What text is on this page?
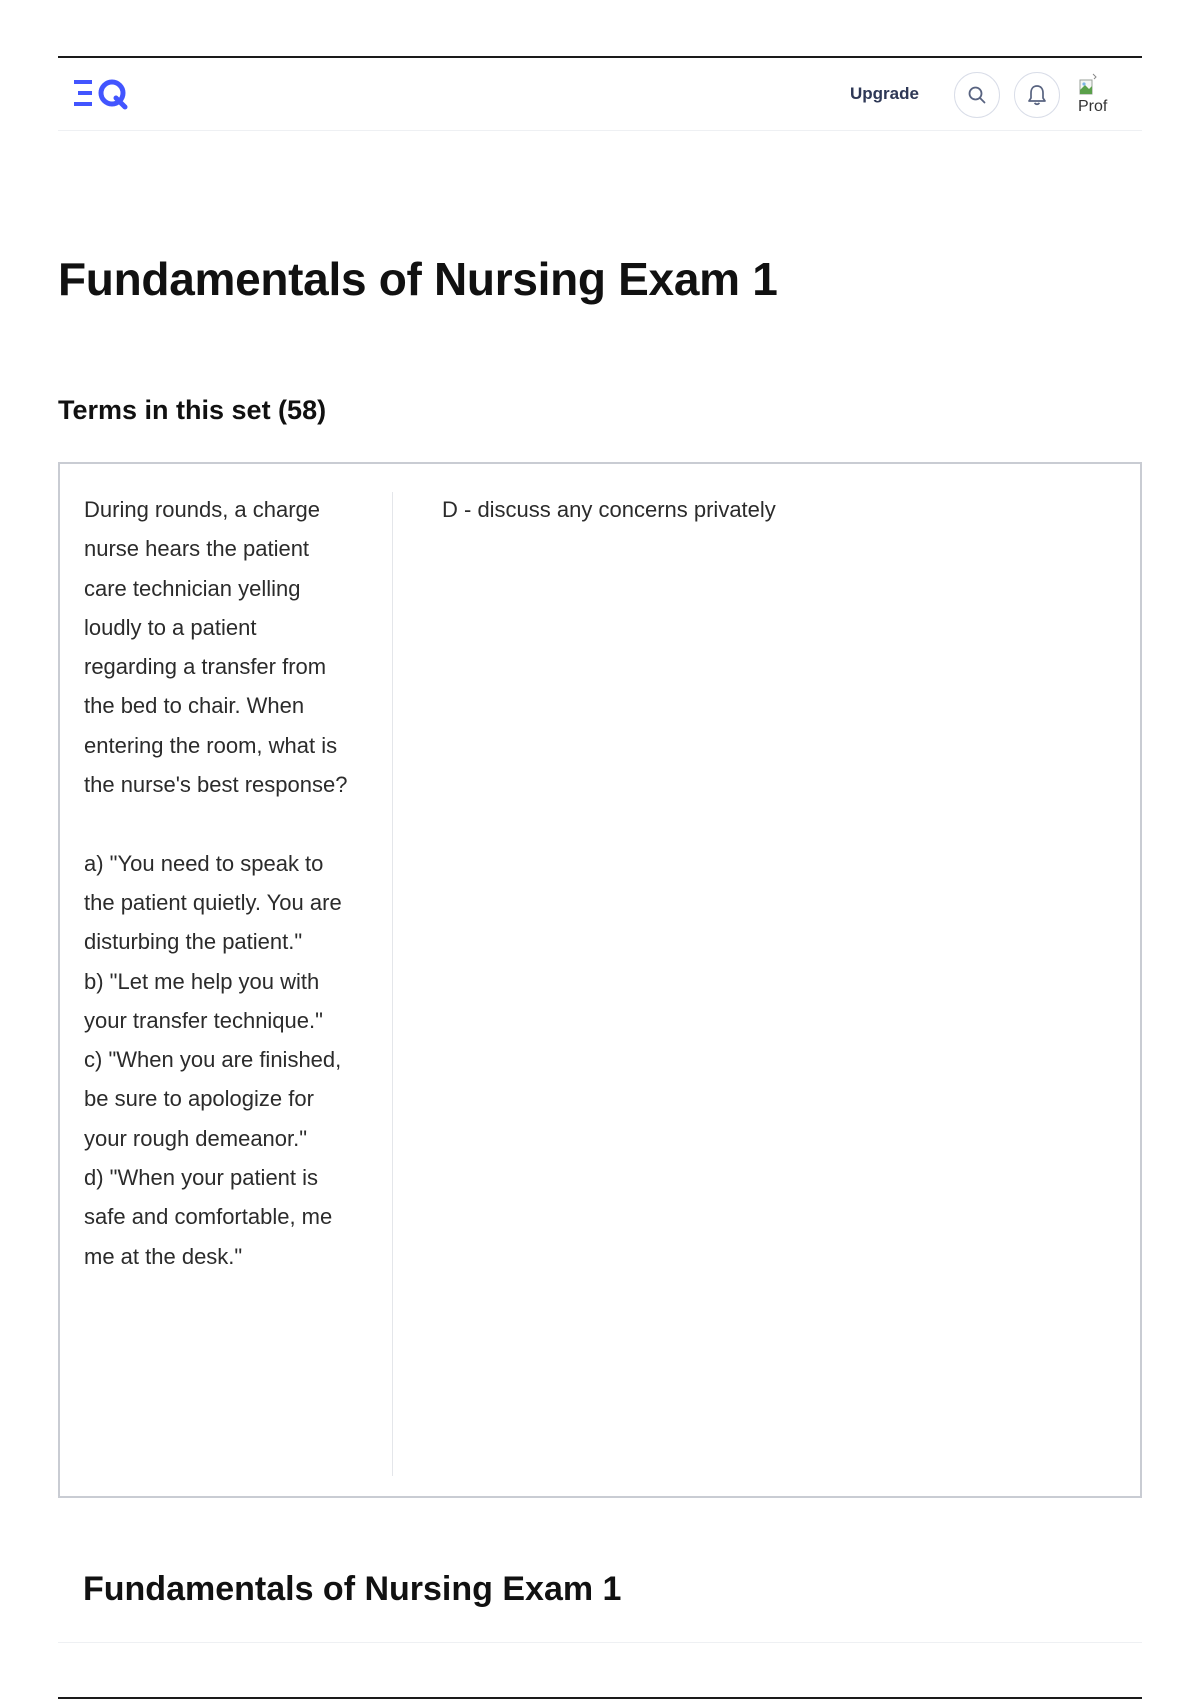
Upgrade
Prof
Fundamentals of Nursing Exam 1
Terms in this set (58)

During rounds, a charge nurse hears the patient care technician yelling loudly to a patient regarding a transfer from the bed to chair. When entering the room, what is the nurse's best response?

a) "You need to speak to the patient quietly. You are disturbing the patient."
b) "Let me help you with your transfer technique."
c) "When you are finished, be sure to apologize for your rough demeanor."
d) "When your patient is safe and comfortable, me me at the desk."

D - discuss any concerns privately

Fundamentals of Nursing Exam 1
